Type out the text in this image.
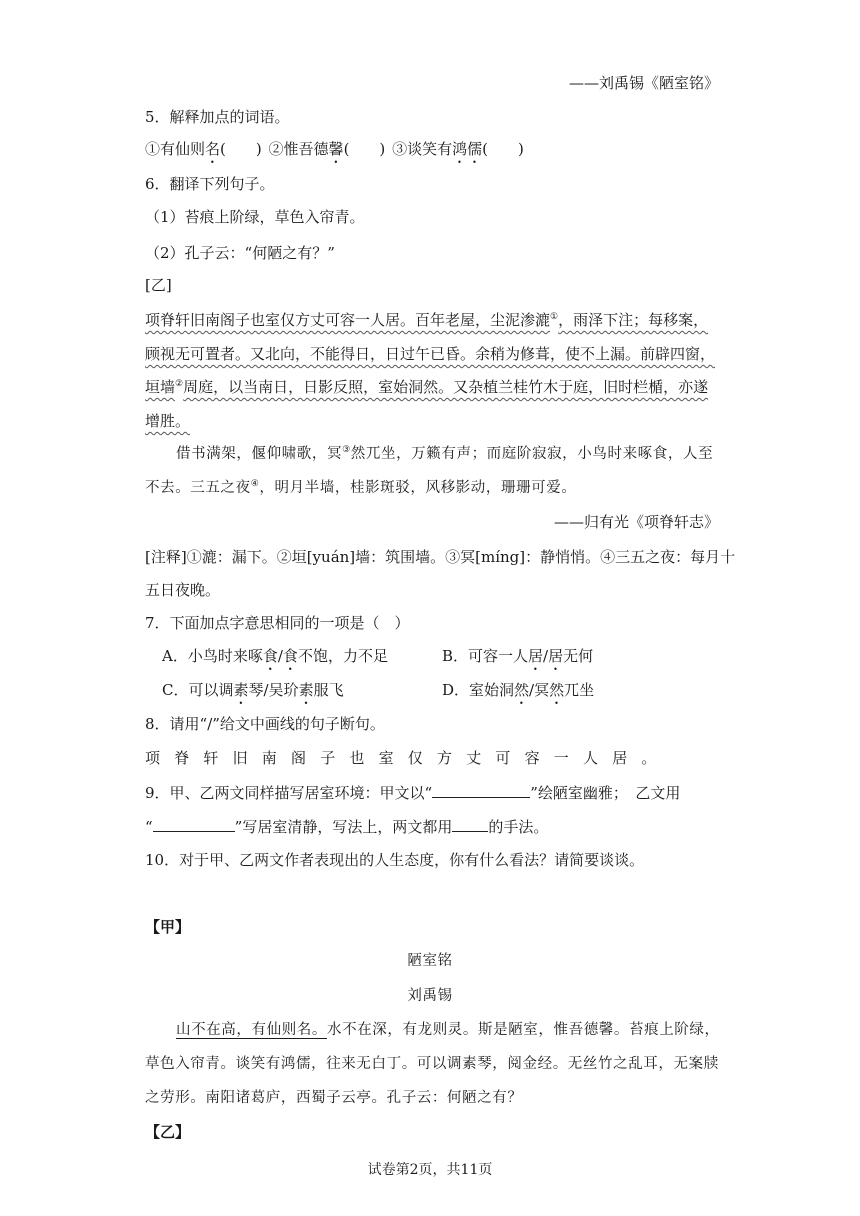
——刘禹锡《陋室铭》
5．解释加点的词语。
①有仙则名(　　) ②惟吾德馨(　　) ③谈笑有鸿儒(　　)
6．翻译下列句子。
（1）苔痕上阶绿，草色入帘青。
（2）孔子云：“何陋之有？”
[乙]
项脊轩旧南阁子也室仅方丈可容一人居。百年老屋，尘泥渗漉①，雨泽下注；每移案，
顾视无可置者。又北向，不能得日，日过午已昏。余稍为修葺，使不上漏。前辟四窗，
垣墙②周庭，以当南日，日影反照，室始洞然。又杂植兰桂竹木于庭，旧时栏楯，亦遂
增胜。
借书满架，偃仰啸歌，冥③然兀坐，万籁有声；而庭阶寂寂，小鸟时来啄食，人至
不去。三五之夜④，明月半墙，桂影斑驳，风移影动，珊珊可爱。
——归有光《项脊轩志》
[注释]①漉：漏下。②垣[yuán]墙：筑围墙。③冥[míng]：静悄悄。④三五之夜：每月十
五日夜晚。
7．下面加点字意思相同的一项是（　）
A．小鸟时来啄食/食不饱，力不足	B．可容一人居/居无何
C．可以调素琴/吴玠素服飞	D．室始洞然/冥然兀坐
8．请用“/”给文中画线的句子断句。
项脊轩旧南阁子也室仅方丈可容一人居。
9．甲、乙两文同样描写居室环境：甲文以“	”绘陋室幽雅；　乙文用
“	”写居室清静，写法上，两文都用 的手法。
10．对于甲、乙两文作者表现出的人生态度，你有什么看法？请简要谈谈。
【甲】
陋室铭
刘禹锡
山不在高，有仙则名。水不在深，有龙则灵。斯是陋室，惟吾德馨。苔痕上阶绿，
草色入帘青。谈笑有鸿儒，往来无白丁。可以调素琴，阅金经。无丝竹之乱耳，无案牍
之劳形。南阳诸葛庐，西蜀子云亭。孔子云：何陋之有？
【乙】
试卷第2页，共11页
